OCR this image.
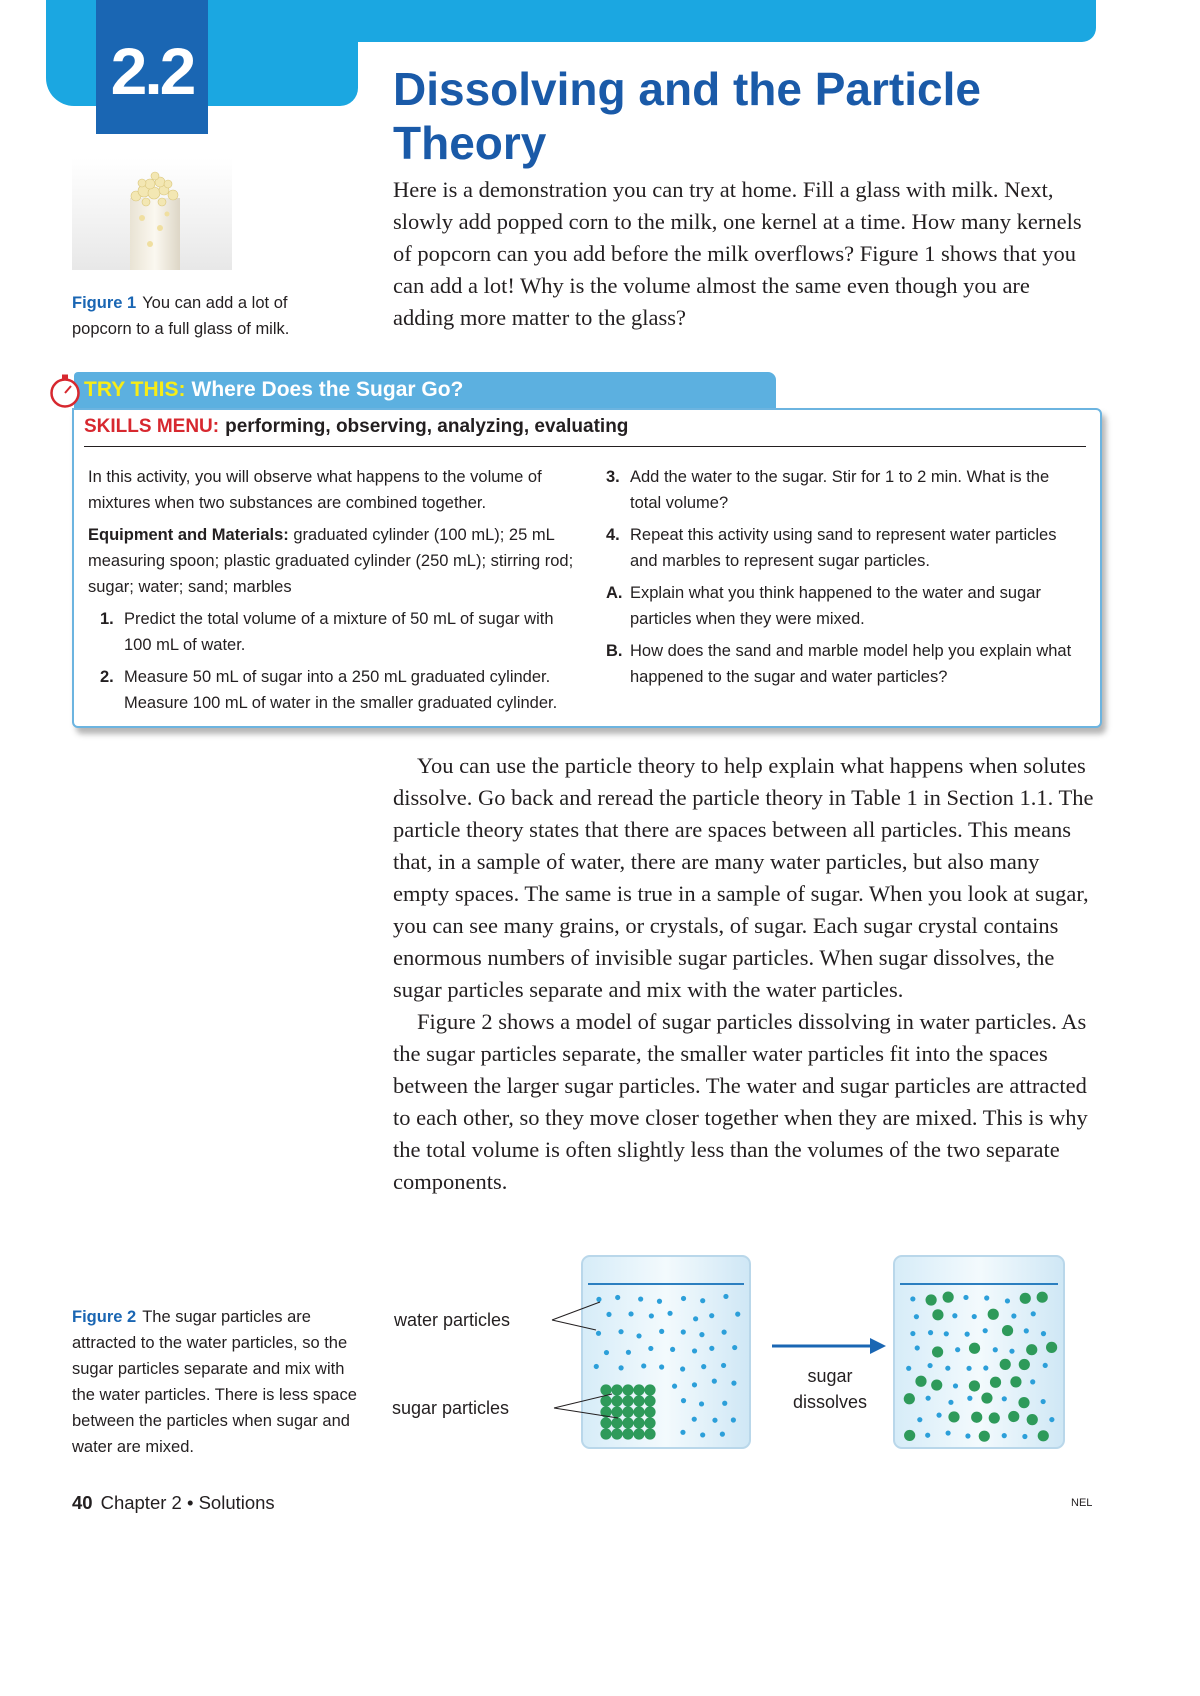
2.2	Dissolving and the Particle Theory
Figure 1 You can add a lot of popcorn to a full glass of milk.

Here is a demonstration you can try at home. Fill a glass with milk. Next, slowly add popped corn to the milk, one kernel at a time. How many kernels of popcorn can you add before the milk overflows? Figure 1 shows that you can add a lot! Why is the volume almost the same even though you are adding more matter to the glass?

TRY THIS: Where Does the Sugar Go?
SKILLS MENU: performing, observing, analyzing, evaluating

In this activity, you will observe what happens to the volume of mixtures when two substances are combined together.

Equipment and Materials: graduated cylinder (100 mL); 25 mL measuring spoon; plastic graduated cylinder (250 mL); stirring rod; sugar; water; sand; marbles

1. Predict the total volume of a mixture of 50 mL of sugar with 100 mL of water.
2. Measure 50 mL of sugar into a 250 mL graduated cylinder. Measure 100 mL of water in the smaller graduated cylinder.
3. Add the water to the sugar. Stir for 1 to 2 min. What is the total volume?
4. Repeat this activity using sand to represent water particles and marbles to represent sugar particles.
A. Explain what you think happened to the water and sugar particles when they were mixed.
B. How does the sand and marble model help you explain what happened to the sugar and water particles?

You can use the particle theory to help explain what happens when solutes dissolve. Go back and reread the particle theory in Table 1 in Section 1.1. The particle theory states that there are spaces between all particles. This means that, in a sample of water, there are many water particles, but also many empty spaces. The same is true in a sample of sugar. When you look at sugar, you can see many grains, or crystals, of sugar. Each sugar crystal contains enormous numbers of invisible sugar particles. When sugar dissolves, the sugar particles separate and mix with the water particles.

Figure 2 shows a model of sugar particles dissolving in water particles. As the sugar particles separate, the smaller water particles fit into the spaces between the larger sugar particles. The water and sugar particles are attracted to each other, so they move closer together when they are mixed. This is why the total volume is often slightly less than the volumes of the two separate components.

Figure 2 The sugar particles are attracted to the water particles, so the sugar particles separate and mix with the water particles. There is less space between the particles when sugar and water are mixed.
sugar
dissolves
water particles
sugar particles
40 Chapter 2 • Solutions	NEL
